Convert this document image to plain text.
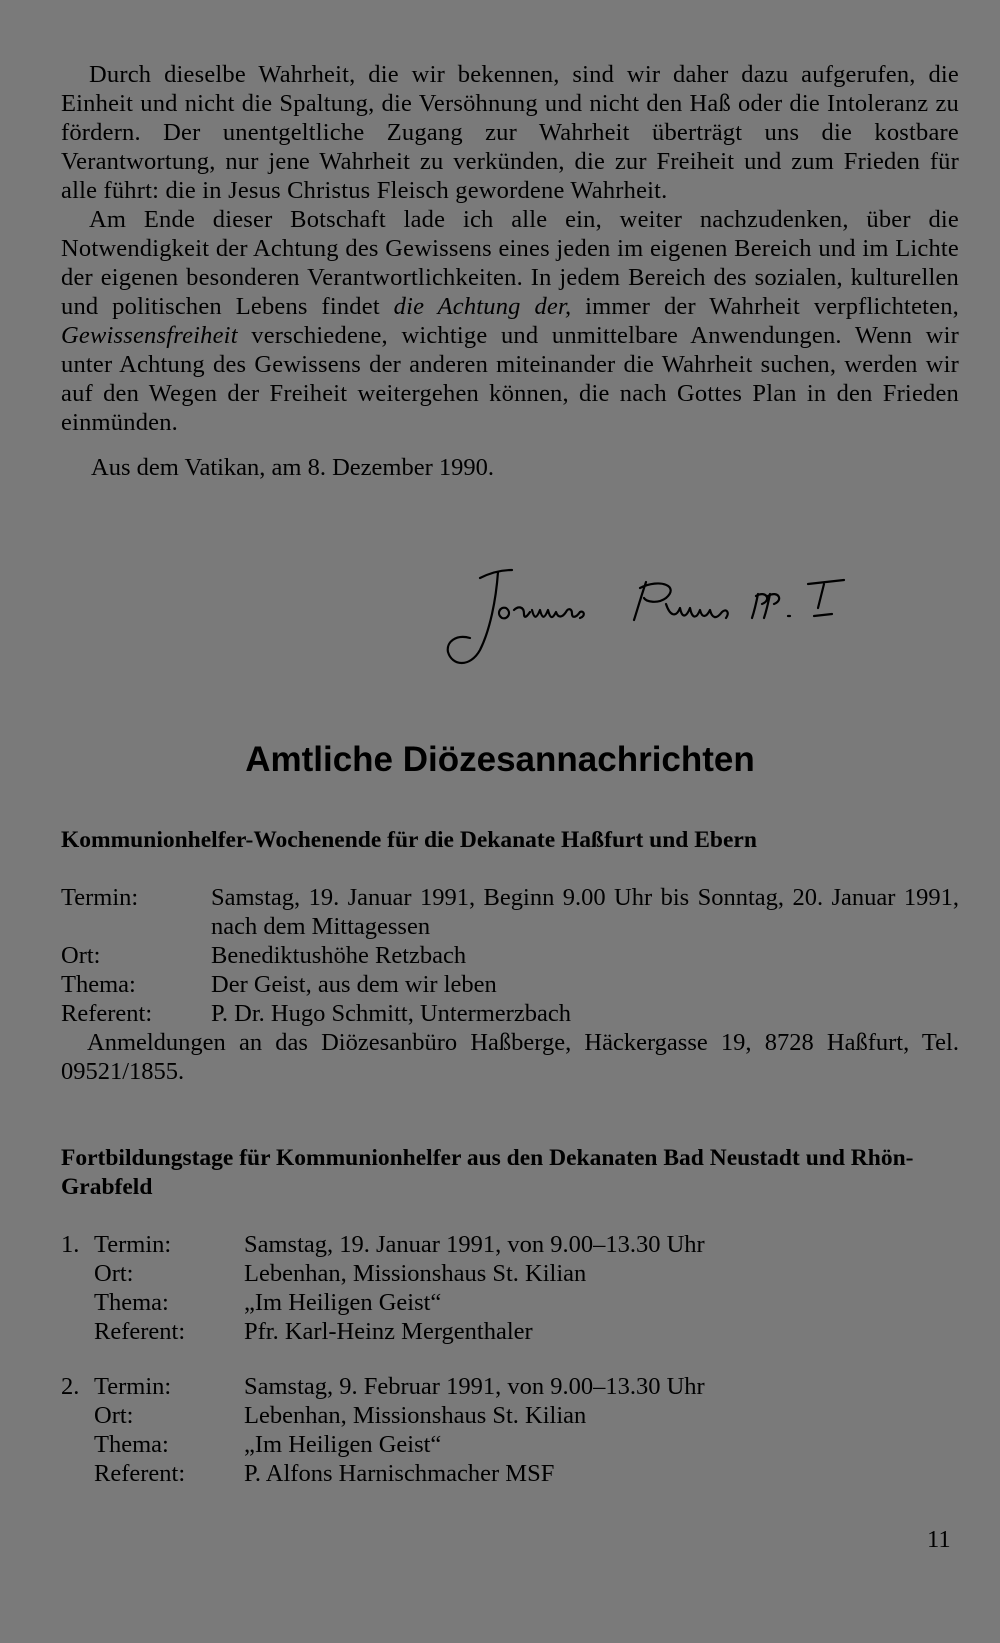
Durch dieselbe Wahrheit, die wir bekennen, sind wir daher dazu aufgerufen, die Einheit und nicht die Spaltung, die Versöhnung und nicht den Haß oder die Intoleranz zu fördern. Der unentgeltliche Zugang zur Wahrheit überträgt uns die kostbare Verantwortung, nur jene Wahrheit zu verkünden, die zur Freiheit und zum Frieden für alle führt: die in Jesus Christus Fleisch gewordene Wahrheit.

Am Ende dieser Botschaft lade ich alle ein, weiter nachzudenken, über die Notwendigkeit der Achtung des Gewissens eines jeden im eigenen Bereich und im Lichte der eigenen besonderen Verantwortlichkeiten. In jedem Bereich des sozialen, kulturellen und politischen Lebens findet die Achtung der, immer der Wahrheit verpflichteten, Gewissensfreiheit verschiedene, wichtige und unmittelbare Anwendungen. Wenn wir unter Achtung des Gewissens der anderen miteinander die Wahrheit suchen, werden wir auf den Wegen der Freiheit weitergehen können, die nach Gottes Plan in den Frieden einmünden.

Aus dem Vatikan, am 8. Dezember 1990.

Amtliche Diözesannachrichten

Kommunionhelfer-Wochenende für die Dekanate Haßfurt und Ebern

Termin:	Samstag, 19. Januar 1991, Beginn 9.00 Uhr bis Sonntag, 20. Januar 1991, nach dem Mittagessen
Ort:	Benediktushöhe Retzbach
Thema:	Der Geist, aus dem wir leben
Referent:	P. Dr. Hugo Schmitt, Untermerzbach

Anmeldungen an das Diözesanbüro Haßberge, Häckergasse 19, 8728 Haßfurt, Tel. 09521/1855.

Fortbildungstage für Kommunionhelfer aus den Dekanaten Bad Neustadt und Rhön-Grabfeld

1. Termin:	Samstag, 19. Januar 1991, von 9.00–13.30 Uhr
Ort:	Lebenhan, Missionshaus St. Kilian
Thema:	„Im Heiligen Geist“
Referent:	Pfr. Karl-Heinz Mergenthaler
2. Termin:	Samstag, 9. Februar 1991, von 9.00–13.30 Uhr
Ort:	Lebenhan, Missionshaus St. Kilian
Thema:	„Im Heiligen Geist“
Referent:	P. Alfons Harnischmacher MSF
11
